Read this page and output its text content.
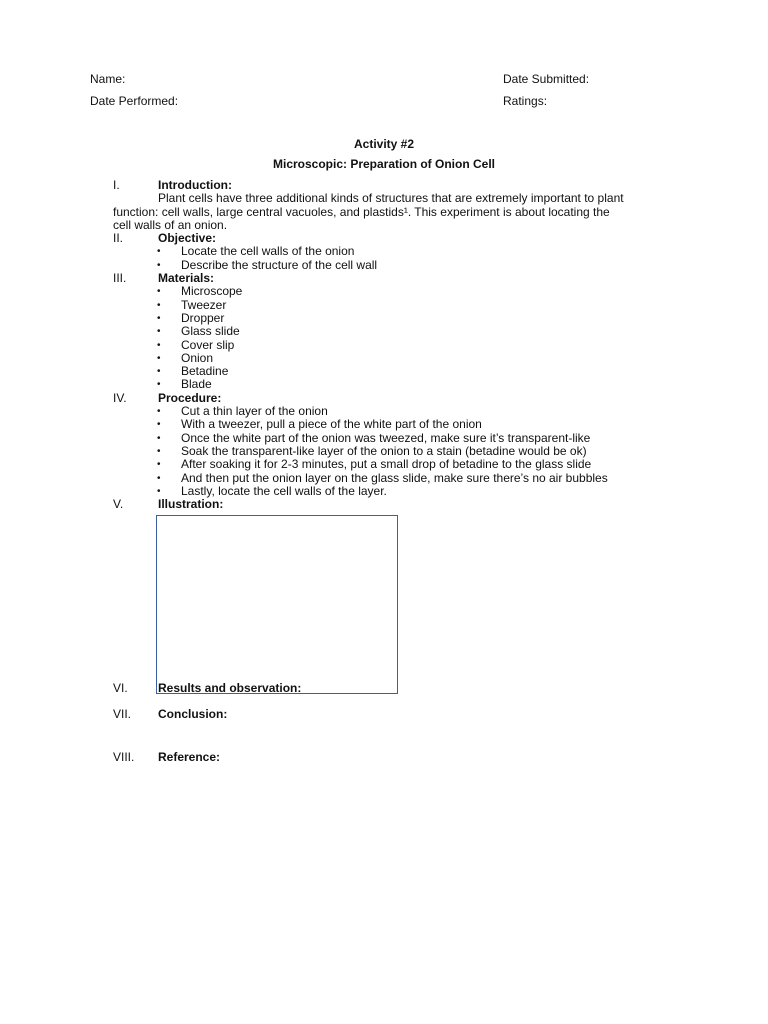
Name:	Date Submitted:
Date Performed:	Ratings:
Activity #2
Microscopic: Preparation of Onion Cell
I.	Introduction:
Plant cells have three additional kinds of structures that are extremely important to plant
function: cell walls, large central vacuoles, and plastids¹. This experiment is about locating the
cell walls of an onion.
II.	Objective:
• Locate the cell walls of the onion
• Describe the structure of the cell wall
III.	Materials:
• Microscope
• Tweezer
• Dropper
• Glass slide
• Cover slip
• Onion
• Betadine
• Blade
IV.	Procedure:
• Cut a thin layer of the onion
• With a tweezer, pull a piece of the white part of the onion
• Once the white part of the onion was tweezed, make sure it’s transparent-like
• Soak the transparent-like layer of the onion to a stain (betadine would be ok)
• After soaking it for 2-3 minutes, put a small drop of betadine to the glass slide
• And then put the onion layer on the glass slide, make sure there’s no air bubbles
• Lastly, locate the cell walls of the layer.
V.	Illustration:
VI.	Results and observation:
VII. Conclusion:
VIII. Reference:
